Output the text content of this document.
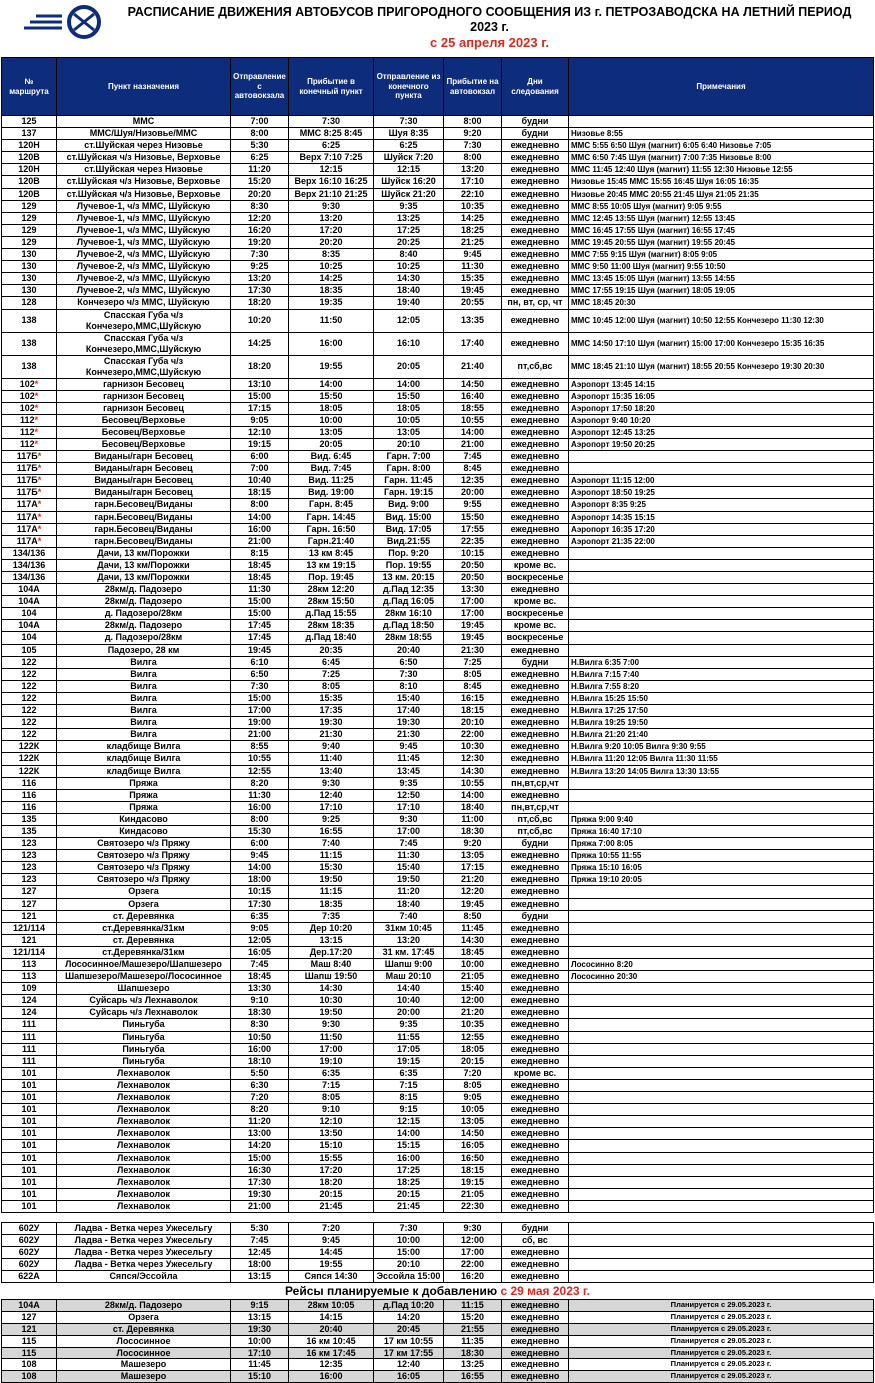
РАСПИСАНИЕ ДВИЖЕНИЯ АВТОБУСОВ ПРИГОРОДНОГО СООБЩЕНИЯ ИЗ г. ПЕТРОЗАВОДСКА НА ЛЕТНИЙ ПЕРИОД
2023 г.
с 25 апреля 2023 г.
№ маршрута	Пункт назначения	Отправление с автовокзала	Прибытие в конечный пункт	Отправление из конечного пункта	Прибытие на автовокзал	Дни следования	Примечания
125	ММС	7:00	7:30	7:30	8:00	будни	
137	ММС/Шуя/Низовье/ММС	8:00	ММС 8:25 8:45	Шуя 8:35	9:20	будни	Низовье 8:55
120Н	ст.Шуйская через Низовье	5:30	6:25	6:25	7:30	ежедневно	ММС 5:55 6:50 Шуя (магнит) 6:05 6:40 Низовье 7:05
120В	ст.Шуйская ч/з Низовье, Верховье	6:25	Верх 7:10 7:25	Шуйск 7:20	8:00	ежедневно	ММС 6:50 7:45 Шуя (магнит) 7:00 7:35 Низовье 8:00
120Н	ст.Шуйская через Низовье	11:20	12:15	12:15	13:20	ежедневно	ММС 11:45 12:40 Шуя (магнит) 11:55 12:30 Низовье 12:55
120В	ст.Шуйская ч/з Низовье, Верховье	15:20	Верх 16:10 16:25	Шуйск 16:20	17:10	ежедневно	Низовье 15:45 ММС 15:55 16:45 Шуя 16:05 16:35
120В	ст.Шуйская ч/з Низовье, Верховье	20:20	Верх 21:10 21:25	Шуйск 21:20	22:10	ежедневно	Низовье 20:45 ММС 20:55 21:45 Шуя 21:05 21:35
129	Лучевое-1, ч/з ММС, Шуйскую	8:30	9:30	9:35	10:35	ежедневно	ММС 8:55 10:05 Шуя (магнит) 9:05 9:55
129	Лучевое-1, ч/з ММС, Шуйскую	12:20	13:20	13:25	14:25	ежедневно	ММС 12:45 13:55 Шуя (магнит) 12:55 13:45
129	Лучевое-1, ч/з ММС, Шуйскую	16:20	17:20	17:25	18:25	ежедневно	ММС 16:45 17:55 Шуя (магнит) 16:55 17:45
129	Лучевое-1, ч/з ММС, Шуйскую	19:20	20:20	20:25	21:25	ежедневно	ММС 19:45 20:55 Шуя (магнит) 19:55 20:45
130	Лучевое-2, ч/з ММС, Шуйскую	7:30	8:35	8:40	9:45	ежедневно	ММС 7:55 9:15 Шуя (магнит) 8:05 9:05
130	Лучевое-2, ч/з ММС, Шуйскую	9:25	10:25	10:25	11:30	ежедневно	ММС 9:50 11:00 Шуя (магнит) 9:55 10:50
130	Лучевое-2, ч/з ММС, Шуйскую	13:20	14:25	14:30	15:35	ежедневно	ММС 13:45 15:05 Шуя (магнит) 13:55 14:55
130	Лучевое-2, ч/з ММС, Шуйскую	17:30	18:35	18:40	19:45	ежедневно	ММС 17:55 19:15 Шуя (магнит) 18:05 19:05
128	Кончезеро ч/з ММС, Шуйскую	18:20	19:35	19:40	20:55	пн, вт, ср, чт	ММС 18:45 20:30
138	Спасская Губа ч/з Кончезеро,ММС,Шуйскую	10:20	11:50	12:05	13:35	ежедневно	ММС 10:45 12:00 Шуя (магнит) 10:50 12:55 Кончезеро 11:30 12:30
138	Спасская Губа ч/з Кончезеро,ММС,Шуйскую	14:25	16:00	16:10	17:40	ежедневно	ММС 14:50 17:10 Шуя (магнит) 15:00 17:00 Кончезеро 15:35 16:35
138	Спасская Губа ч/з Кончезеро,ММС,Шуйскую	18:20	19:55	20:05	21:40	пт,сб,вс	ММС 18:45 21:10 Шуя (магнит) 18:55 20:55 Кончезеро 19:30 20:30
102*	гарнизон Бесовец	13:10	14:00	14:00	14:50	ежедневно	Аэропорт 13:45 14:15
102*	гарнизон Бесовец	15:00	15:50	15:50	16:40	ежедневно	Аэропорт 15:35 16:05
102*	гарнизон Бесовец	17:15	18:05	18:05	18:55	ежедневно	Аэропорт 17:50 18:20
112*	Бесовец/Верховье	9:05	10:00	10:05	10:55	ежедневно	Аэропорт 9:40 10:20
112*	Бесовец/Верховье	12:10	13:05	13:05	14:00	ежедневно	Аэропорт 12:45 13:25
112*	Бесовец/Верховье	19:15	20:05	20:10	21:00	ежедневно	Аэропорт 19:50 20:25
117Б*	Виданы/гарн Бесовец	6:00	Вид. 6:45	Гарн. 7:00	7:45	ежедневно	
117Б*	Виданы/гарн Бесовец	7:00	Вид. 7:45	Гарн. 8:00	8:45	ежедневно	
117Б*	Виданы/гарн Бесовец	10:40	Вид. 11:25	Гарн. 11:45	12:35	ежедневно	Аэропорт 11:15 12:00
117Б*	Виданы/гарн Бесовец	18:15	Вид. 19:00	Гарн. 19:15	20:00	ежедневно	Аэропорт 18:50 19:25
117А*	гарн.Бесовец/Виданы	8:00	Гарн. 8:45	Вид. 9:00	9:55	ежедневно	Аэропорт 8:35 9:25
117А*	гарн.Бесовец/Виданы	14:00	Гарн. 14:45	Вид. 15:00	15:50	ежедневно	Аэропорт 14:35 15:15
117А*	гарн.Бесовец/Виданы	16:00	Гарн. 16:50	Вид. 17:05	17:55	ежедневно	Аэропорт 16:35 17:20
117А*	гарн.Бесовец/Виданы	21:00	Гарн.21:40	Вид.21:55	22:35	ежедневно	Аэропорт 21:35 22:00
134/136	Дачи, 13 км/Порожки	8:15	13 км 8:45	Пор. 9:20	10:15	ежедневно	
134/136	Дачи, 13 км/Порожки	18:45	13 км 19:15	Пор. 19:55	20:50	кроме вс.	
134/136	Дачи, 13 км/Порожки	18:45	Пор. 19:45	13 км. 20:15	20:50	воскресенье	
104А	28км/д. Падозеро	11:30	28км 12:20	д.Пад 12:35	13:30	ежедневно	
104А	28км/д. Падозеро	15:00	28км 15:50	д.Пад 16:05	17:00	кроме вс.	
104	д. Падозеро/28км	15:00	д.Пад 15:55	28км 16:10	17:00	воскресенье	
104А	28км/д. Падозеро	17:45	28км 18:35	д.Пад 18:50	19:45	кроме вс.	
104	д. Падозеро/28км	17:45	д.Пад 18:40	28км 18:55	19:45	воскресенье	
105	Падозеро, 28 км	19:45	20:35	20:40	21:30	ежедневно	
122	Вилга	6:10	6:45	6:50	7:25	будни	Н.Вилга 6:35 7:00
122	Вилга	6:50	7:25	7:30	8:05	ежедневно	Н.Вилга 7:15 7:40
122	Вилга	7:30	8:05	8:10	8:45	ежедневно	Н.Вилга 7:55 8:20
122	Вилга	15:00	15:35	15:40	16:15	ежедневно	Н.Вилга 15:25 15:50
122	Вилга	17:00	17:35	17:40	18:15	ежедневно	Н.Вилга 17:25 17:50
122	Вилга	19:00	19:30	19:30	20:10	ежедневно	Н.Вилга 19:25 19:50
122	Вилга	21:00	21:30	21:30	22:00	ежедневно	Н.Вилга 21:20 21:40
122К	кладбище Вилга	8:55	9:40	9:45	10:30	ежедневно	Н.Вилга 9:20 10:05 Вилга 9:30 9:55
122К	кладбище Вилга	10:55	11:40	11:45	12:30	ежедневно	Н.Вилга 11:20 12:05 Вилга 11:30 11:55
122К	кладбище Вилга	12:55	13:40	13:45	14:30	ежедневно	Н.Вилга 13:20 14:05 Вилга 13:30 13:55
116	Пряжа	8:20	9:30	9:35	10:55	пн,вт,ср,чт	
116	Пряжа	11:30	12:40	12:50	14:00	ежедневно	
116	Пряжа	16:00	17:10	17:10	18:40	пн,вт,ср,чт	
135	Киндасово	8:00	9:25	9:30	11:00	пт,сб,вс	Пряжа 9:00 9:40
135	Киндасово	15:30	16:55	17:00	18:30	пт,сб,вс	Пряжа 16:40 17:10
123	Святозеро ч/з Пряжу	6:00	7:40	7:45	9:20	будни	Пряжа 7:00 8:05
123	Святозеро ч/з Пряжу	9:45	11:15	11:30	13:05	ежедневно	Пряжа 10:55 11:55
123	Святозеро ч/з Пряжу	14:00	15:30	15:40	17:15	ежедневно	Пряжа 15:10 16:05
123	Святозеро ч/з Пряжу	18:00	19:50	19:50	21:20	ежедневно	Пряжа 19:10 20:05
127	Орзега	10:15	11:15	11:20	12:20	ежедневно	
127	Орзега	17:30	18:35	18:40	19:45	ежедневно	
121	ст. Деревянка	6:35	7:35	7:40	8:50	будни	
121/114	ст.Деревянка/31км	9:05	Дер 10:20	31км 10:45	11:45	ежедневно	
121	ст. Деревянка	12:05	13:15	13:20	14:30	ежедневно	
121/114	ст.Деревянка/31км	16:05	Дер.17:20	31 км. 17:45	18:45	ежедневно	
113	Лососинное/Машезеро/Шапшезеро	7:45	Маш 8:40	Шапш 9:00	10:00	ежедневно	Лососинно 8:20
113	Шапшезеро/Машезеро/Лососинное	18:45	Шапш 19:50	Маш 20:10	21:05	ежедневно	Лососинно 20:30
109	Шапшезеро	13:30	14:30	14:40	15:40	ежедневно	
124	Суйсарь ч/з Лехнаволок	9:10	10:30	10:40	12:00	ежедневно	
124	Суйсарь ч/з Лехнаволок	18:30	19:50	20:00	21:20	ежедневно	
111	Пиньгуба	8:30	9:30	9:35	10:35	ежедневно	
111	Пиньгуба	10:50	11:50	11:55	12:55	ежедневно	
111	Пиньгуба	16:00	17:00	17:05	18:05	ежедневно	
111	Пиньгуба	18:10	19:10	19:15	20:15	ежедневно	
101	Лехнаволок	5:50	6:35	6:35	7:20	кроме вс.	
101	Лехнаволок	6:30	7:15	7:15	8:05	ежедневно	
101	Лехнаволок	7:20	8:05	8:15	9:05	ежедневно	
101	Лехнаволок	8:20	9:10	9:15	10:05	ежедневно	
101	Лехнаволок	11:20	12:10	12:15	13:05	ежедневно	
101	Лехнаволок	13:00	13:50	14:00	14:50	ежедневно	
101	Лехнаволок	14:20	15:10	15:15	16:05	ежедневно	
101	Лехнаволок	15:00	15:55	16:00	16:50	ежедневно	
101	Лехнаволок	16:30	17:20	17:25	18:15	ежедневно	
101	Лехнаволок	17:30	18:20	18:25	19:15	ежедневно	
101	Лехнаволок	19:30	20:15	20:15	21:05	ежедневно	
101	Лехнаволок	21:00	21:45	21:45	22:30	ежедневно	

602У	Ладва - Ветка через Ужесельгу	5:30	7:20	7:30	9:30	будни	
602У	Ладва - Ветка через Ужесельгу	7:45	9:45	10:00	12:00	сб, вс	
602У	Ладва - Ветка через Ужесельгу	12:45	14:45	15:00	17:00	ежедневно	
602У	Ладва - Ветка через Ужесельгу	18:00	19:55	20:10	22:00	ежедневно	
622А	Сяпся/Эссойла	13:15	Сяпся 14:30	Эссойла 15:00	16:20	ежедневно	
Рейсы планируемые к добавлению с 29 мая 2023 г.							
104А	28км/д. Падозеро	9:15	28км 10:05	д.Пад 10:20	11:15	ежедневно	Планируется с 29.05.2023 г.
127	Орзега	13:15	14:15	14:20	15:20	ежедневно	Планируется с 29.05.2023 г.
121	ст. Деревянка	19:30	20:40	20:45	21:55	ежедневно	Планируется с 29.05.2023 г.
115	Лососинное	10:00	16 км 10:45	17 км 10:55	11:35	ежедневно	Планируется с 29.05.2023 г.
115	Лососинное	17:10	16 км 17:45	17 км 17:55	18:30	ежедневно	Планируется с 29.05.2023 г.
108	Машезеро	11:45	12:35	12:40	13:25	ежедневно	Планируется с 29.05.2023 г.
108	Машезеро	15:10	16:00	16:05	16:55	ежедневно	Планируется с 29.05.2023 г.
